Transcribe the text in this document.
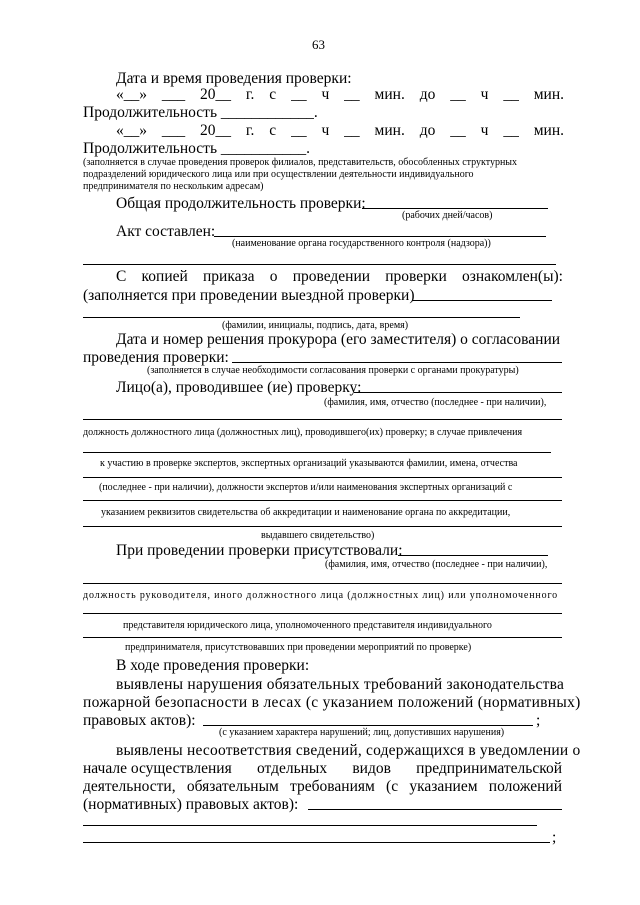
63
Дата и время проведения проверки:
«__» ___ 20__ г. с __ ч __ мин. до __ ч __ мин.
Продолжительность ____________.
«__» ___ 20__ г. с __ ч __ мин. до __ ч __ мин.
Продолжительность ___________.
(заполняется в случае проведения проверок филиалов, представительств, обособленных структурных
подразделений юридического лица или при осуществлении деятельности индивидуального
предпринимателя по нескольким адресам)
Общая продолжительность проверки:
(рабочих дней/часов)
Акт составлен:
(наименование органа государственного контроля (надзора))
С копией приказа о проведении проверки ознакомлен(ы):
(заполняется при проведении выездной проверки)
(фамилии, инициалы, подпись, дата, время)
Дата и номер решения прокурора (его заместителя) о согласовании
проведения проверки:
(заполняется в случае необходимости согласования проверки с органами прокуратуры)
Лицо(а), проводившее (ие) проверку:
(фамилия, имя, отчество (последнее - при наличии),
должность должностного лица (должностных лиц), проводившего(их) проверку; в случае привлечения
к участию в проверке экспертов, экспертных организаций указываются фамилии, имена, отчества
(последнее - при наличии), должности экспертов и/или наименования экспертных организаций с
указанием реквизитов свидетельства об аккредитации и наименование органа по аккредитации,
выдавшего свидетельство)
При проведении проверки присутствовали:
(фамилия, имя, отчество (последнее - при наличии),
должность руководителя, иного должностного лица (должностных лиц) или уполномоченного
представителя юридического лица, уполномоченного представителя индивидуального
предпринимателя, присутствовавших при проведении мероприятий по проверке)
В ходе проведения проверки:
выявлены нарушения обязательных требований законодательства
пожарной безопасности в лесах (с указанием положений (нормативных)
правовых актов):	;
(с указанием характера нарушений; лиц, допустивших нарушения)
выявлены несоответствия сведений, содержащихся в уведомлении о
начале осуществления отдельных видов предпринимательской
деятельности, обязательным требованиям (с указанием положений
(нормативных) правовых актов):
;
